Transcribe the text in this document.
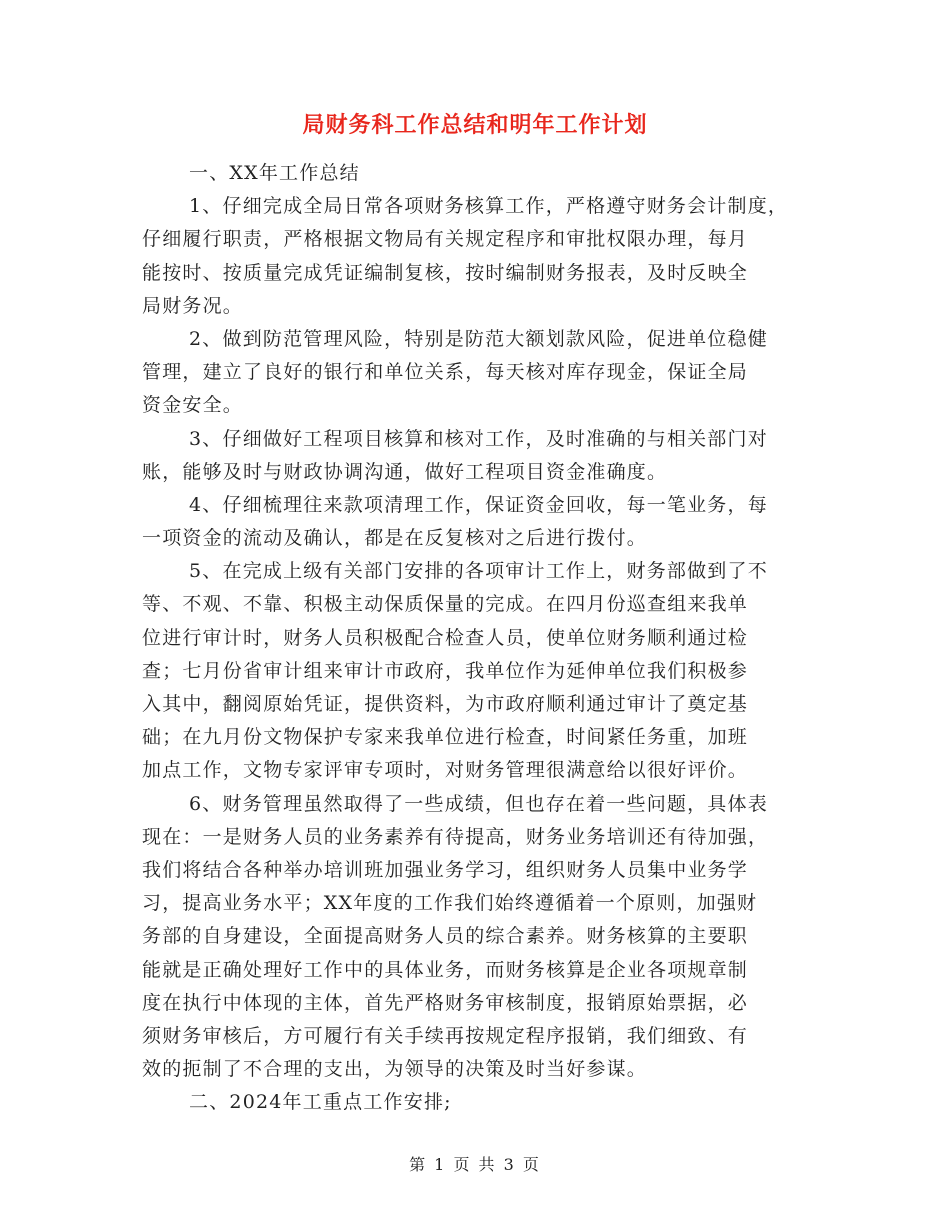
局财务科工作总结和明年工作计划
一、XX年工作总结
1、仔细完成全局日常各项财务核算工作，严格遵守财务会计制度，
仔细履行职责，严格根据文物局有关规定程序和审批权限办理，每月
能按时、按质量完成凭证编制复核，按时编制财务报表，及时反映全
局财务况。
2、做到防范管理风险，特别是防范大额划款风险，促进单位稳健
管理，建立了良好的银行和单位关系，每天核对库存现金，保证全局
资金安全。
3、仔细做好工程项目核算和核对工作，及时准确的与相关部门对
账，能够及时与财政协调沟通，做好工程项目资金准确度。
4、仔细梳理往来款项清理工作，保证资金回收，每一笔业务，每
一项资金的流动及确认，都是在反复核对之后进行拨付。
5、在完成上级有关部门安排的各项审计工作上，财务部做到了不
等、不观、不靠、积极主动保质保量的完成。在四月份巡查组来我单
位进行审计时，财务人员积极配合检查人员，使单位财务顺利通过检
查；七月份省审计组来审计市政府，我单位作为延伸单位我们积极参
入其中，翻阅原始凭证，提供资料，为市政府顺利通过审计了奠定基
础；在九月份文物保护专家来我单位进行检查，时间紧任务重，加班
加点工作，文物专家评审专项时，对财务管理很满意给以很好评价。
6、财务管理虽然取得了一些成绩，但也存在着一些问题，具体表
现在：一是财务人员的业务素养有待提高，财务业务培训还有待加强，
我们将结合各种举办培训班加强业务学习，组织财务人员集中业务学
习，提高业务水平；XX年度的工作我们始终遵循着一个原则，加强财
务部的自身建设，全面提高财务人员的综合素养。财务核算的主要职
能就是正确处理好工作中的具体业务，而财务核算是企业各项规章制
度在执行中体现的主体，首先严格财务审核制度，报销原始票据，必
须财务审核后，方可履行有关手续再按规定程序报销，我们细致、有
效的扼制了不合理的支出，为领导的决策及时当好参谋。
二、2024年工重点工作安排;
第 1 页 共 3 页
